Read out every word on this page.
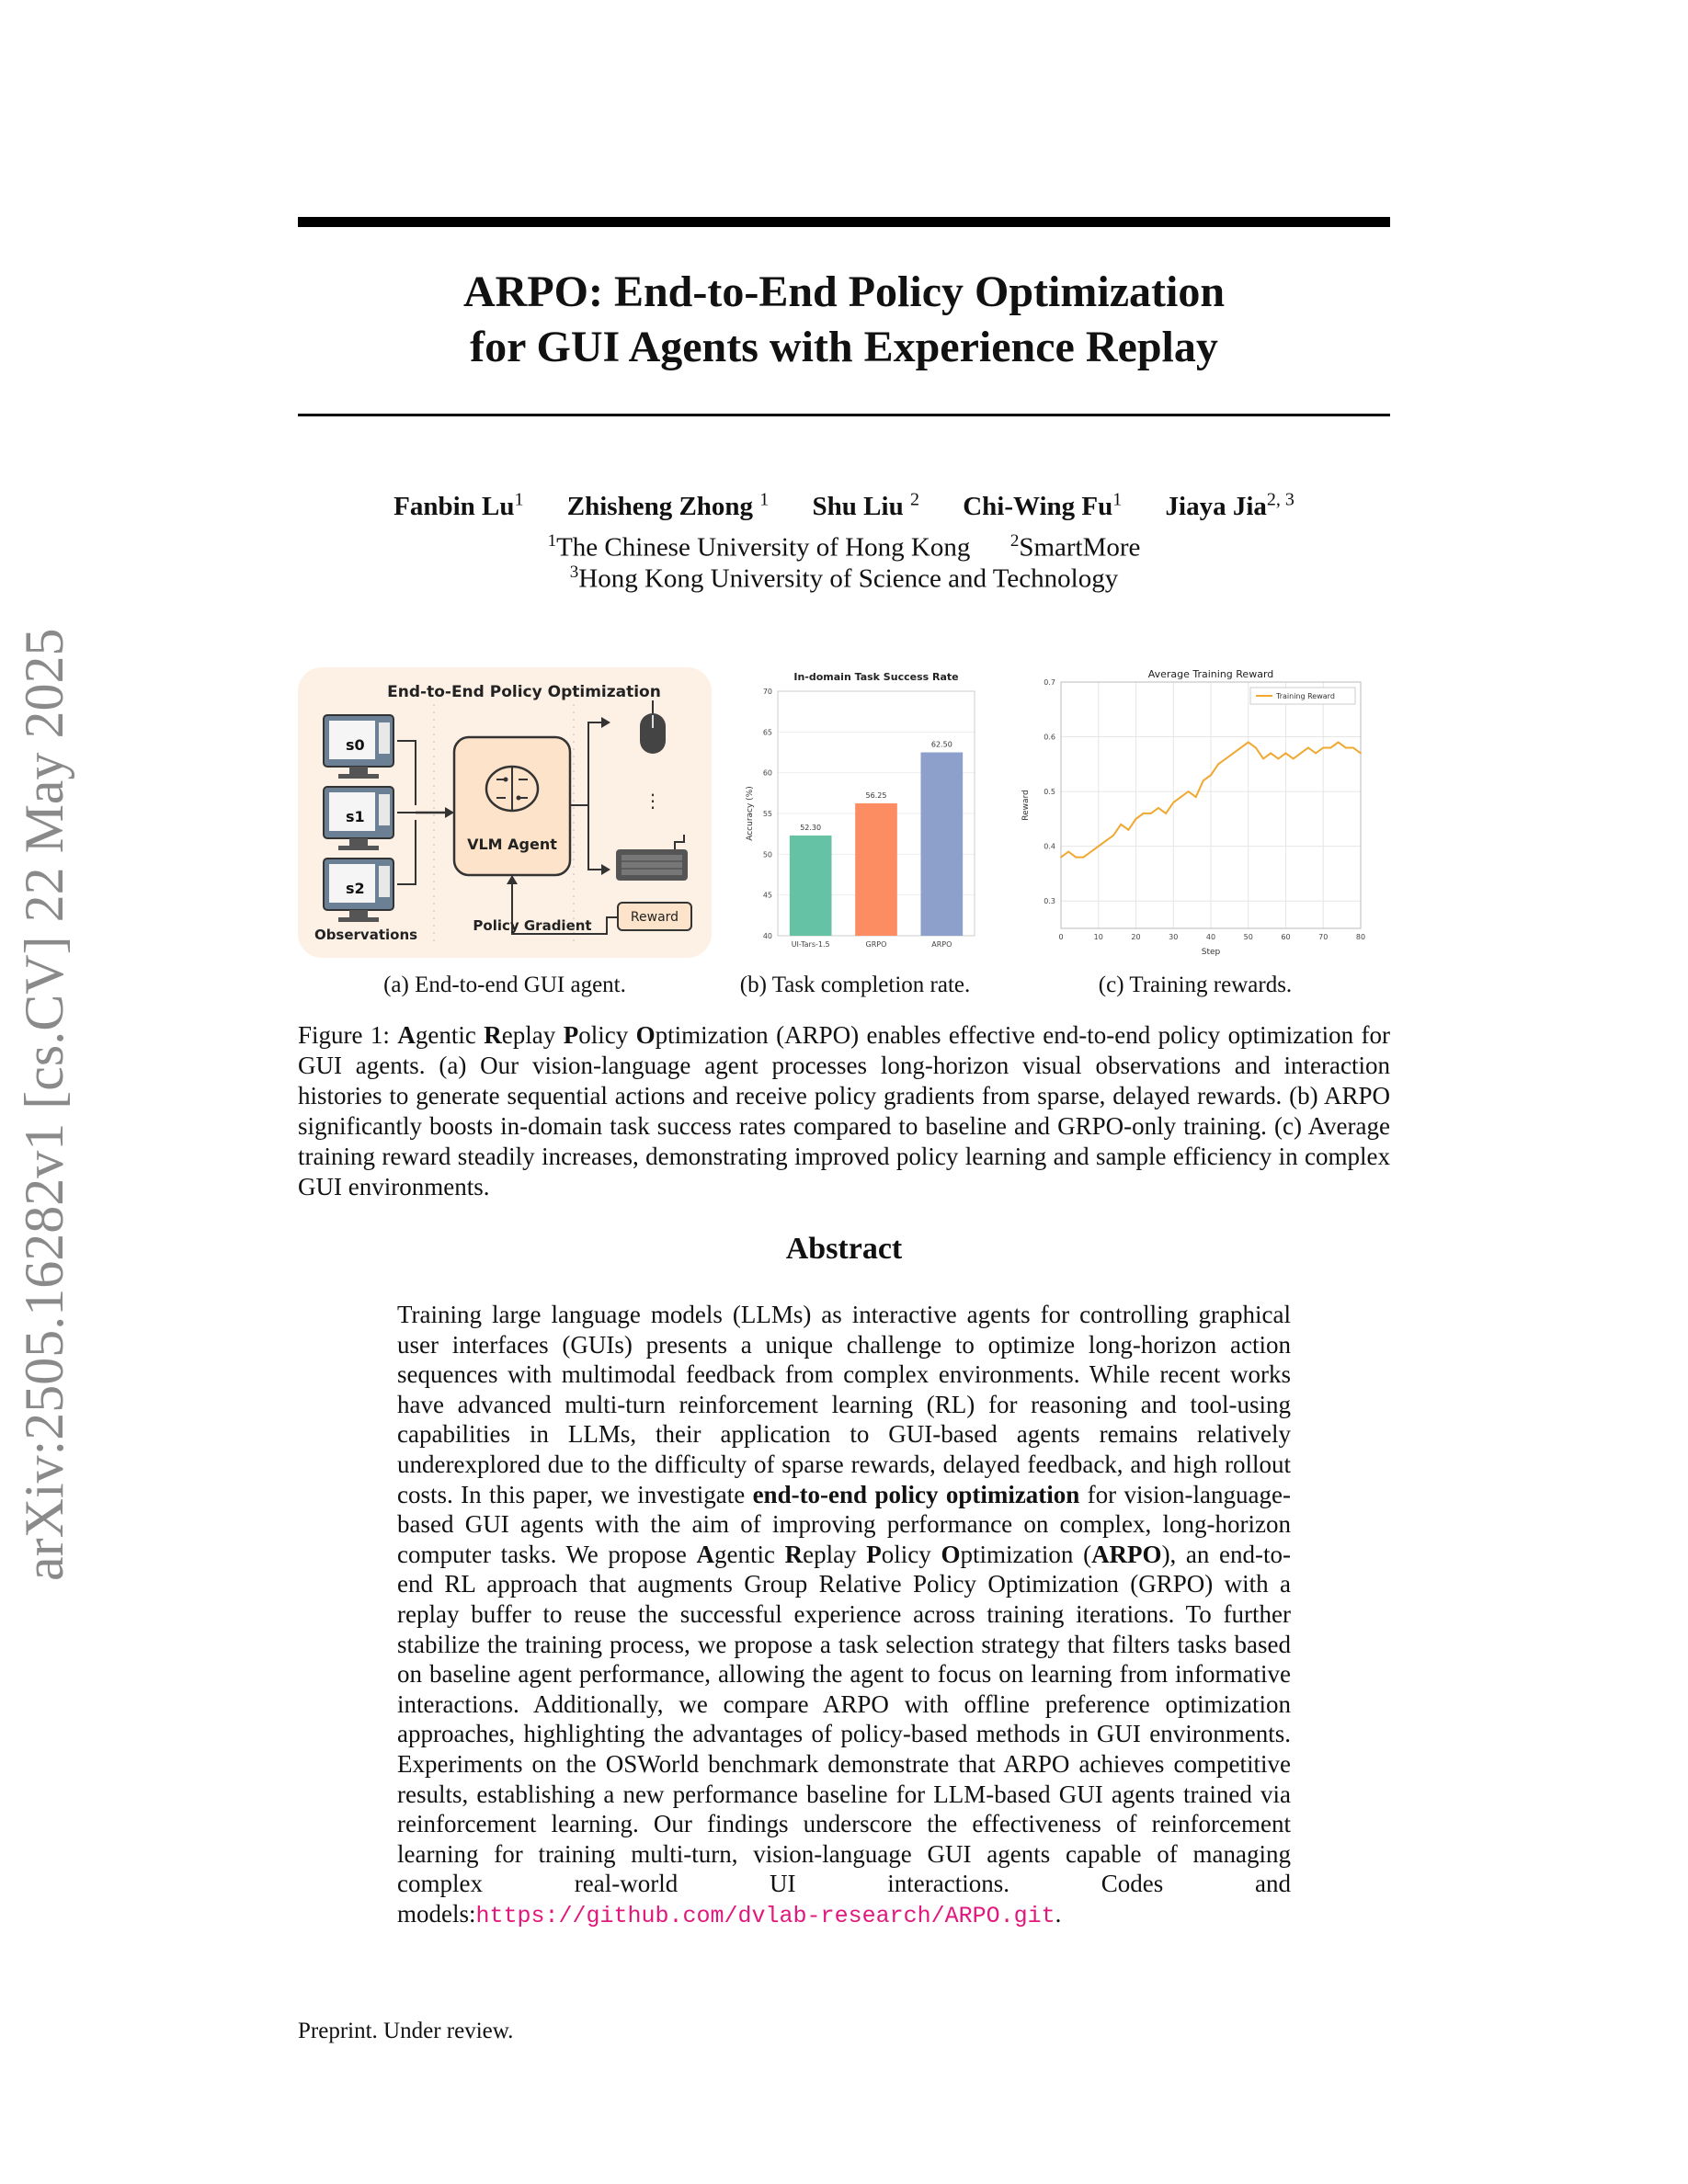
arXiv:2505.16282v1 [cs.CV] 22 May 2025
ARPO: End-to-End Policy Optimization
for GUI Agents with Experience Replay
Fanbin Lu$^1$ Zhisheng Zhong $^1$ Shu Liu $^2$ Chi-Wing Fu$^1$ Jiaya Jia$^{2, 3}$
$^1$The Chinese University of Hong Kong $^2$SmartMore
$^3$Hong Kong University of Science and Technology
End-to-End Policy Optimization
s0
s1
s2
VLM Agent
⋮
Reward
Policy Gradient
Observations
In-domain Task Success Rate
Accuracy (%)
40
45
50
55
60
65
70
52.30
UI-Tars-1.5
56.25
GRPO
62.50
ARPO
Average Training Reward
Reward
Step
0.3
0.4
0.5
0.6
0.7
0	10	20	30	40	50	60	70	80
Training Reward
(a) End-to-end GUI agent.	(b) Task completion rate.	(c) Training rewards.
Figure 1: Agentic Replay Policy Optimization (ARPO) enables effective end-to-end policy optimization for GUI agents. (a) Our vision-language agent processes long-horizon visual observations and interaction histories to generate sequential actions and receive policy gradients from sparse, delayed rewards. (b) ARPO significantly boosts in-domain task success rates compared to baseline and GRPO-only training. (c) Average training reward steadily increases, demonstrating improved policy learning and sample efficiency in complex GUI environments.
Abstract
Training large language models (LLMs) as interactive agents for controlling graphical user interfaces (GUIs) presents a unique challenge to optimize long-horizon action sequences with multimodal feedback from complex environments. While recent works have advanced multi-turn reinforcement learning (RL) for reasoning and tool-using capabilities in LLMs, their application to GUI-based agents remains relatively underexplored due to the difficulty of sparse rewards, delayed feedback, and high rollout costs. In this paper, we investigate end-to-end policy optimization for vision-language-based GUI agents with the aim of improving performance on complex, long-horizon computer tasks. We propose Agentic Replay Policy Optimization (ARPO), an end-to-end RL approach that augments Group Relative Policy Optimization (GRPO) with a replay buffer to reuse the successful experience across training iterations. To further stabilize the training process, we propose a task selection strategy that filters tasks based on baseline agent performance, allowing the agent to focus on learning from informative interactions. Additionally, we compare ARPO with offline preference optimization approaches, highlighting the advantages of policy-based methods in GUI environments. Experiments on the OSWorld benchmark demonstrate that ARPO achieves competitive results, establishing a new performance baseline for LLM-based GUI agents trained via reinforcement learning. Our findings underscore the effectiveness of reinforcement learning for training multi-turn, vision-language GUI agents capable of managing complex real-world UI interactions. Codes and models:https://github.com/dvlab-research/ARPO.git.
Preprint. Under review.
